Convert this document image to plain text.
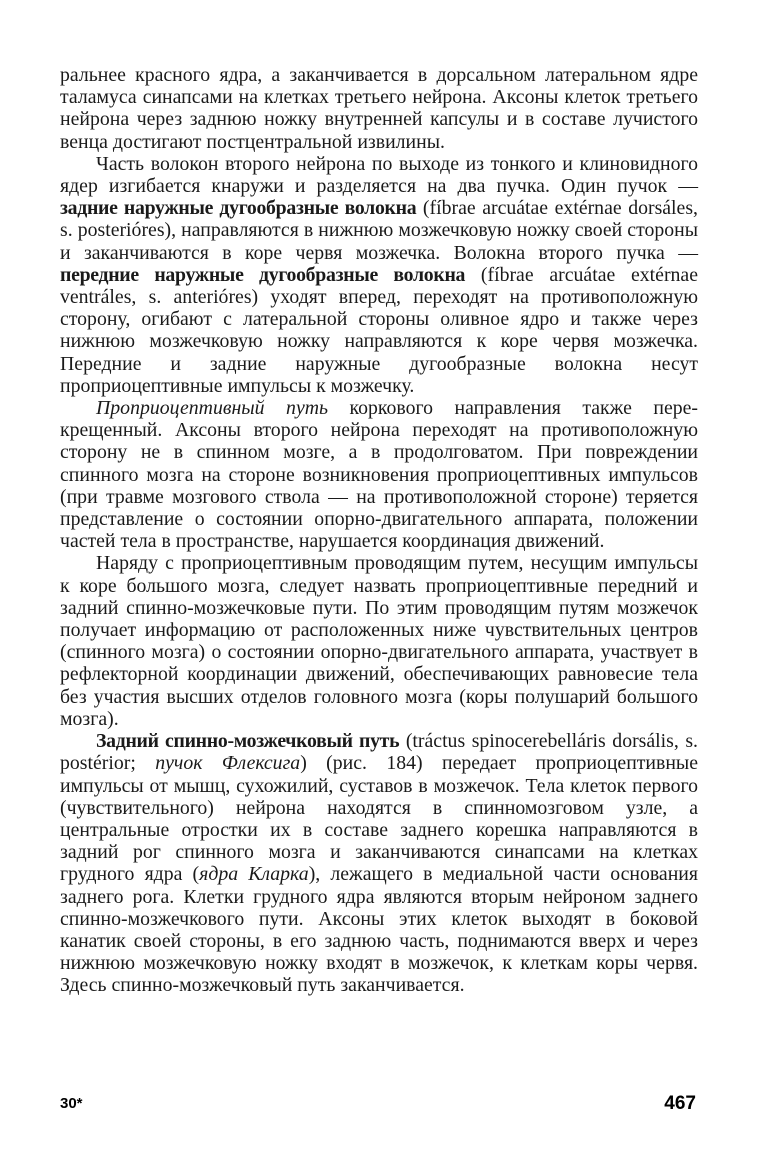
ральнее красного ядра, а заканчивается в дорсальном латеральном ядре таламуса синапсами на клетках третьего нейрона. Аксоны клеток третьего нейрона через заднюю ножку внутренней капсулы и в составе лучистого венца достигают постцентральной извилины.

Часть волокон второго нейрона по выходе из тонкого и клиновидного ядер изгибается кнаружи и разделяется на два пучка. Один пучок — задние наружные дугообразные волокна (fíbrae arcuátae extérnae dorsáles, s. posterióres), направляются в нижнюю мозжечковую ножку своей стороны и заканчиваются в коре червя мозжечка. Волокна второго пучка — передние наружные дугообразные волокна (fíbrae arcuátae extérnae ventráles, s. anterióres) уходят вперед, переходят на противоположную сторону, огибают с латеральной стороны оливное ядро и также через нижнюю мозжечковую ножку направляются к коре червя мозжечка. Передние и задние наружные дугообразные волокна несут проприоцептивные импульсы к мозжечку.

Проприоцептивный путь коркового направления также перекрещенный. Аксоны второго нейрона переходят на противоположную сторону не в спинном мозге, а в продолговатом. При повреждении спинного мозга на стороне возникновения проприоцептивных импульсов (при травме мозгового ствола — на противоположной стороне) теряется представление о состоянии опорно-двигательного аппарата, положении частей тела в пространстве, нарушается координация движений.

Наряду с проприоцептивным проводящим путем, несущим импульсы к коре большого мозга, следует назвать проприоцептивные передний и задний спинно-мозжечковые пути. По этим проводящим путям мозжечок получает информацию от расположенных ниже чувствительных центров (спинного мозга) о состоянии опорно-двигательного аппарата, участвует в рефлекторной координации движений, обеспечивающих равновесие тела без участия высших отделов головного мозга (коры полушарий большого мозга).

Задний спинно-мозжечковый путь (tráctus spinocerebelláris dorsális, s. postérior; пучок Флексига) (рис. 184) передает проприоцептивные импульсы от мышц, сухожилий, суставов в мозжечок. Тела клеток первого (чувствительного) нейрона находятся в спинномозговом узле, а центральные отростки их в составе заднего корешка направляются в задний рог спинного мозга и заканчиваются синапсами на клетках грудного ядра (ядра Кларка), лежащего в медиальной части основания заднего рога. Клетки грудного ядра являются вторым нейроном заднего спинно-мозжечкового пути. Аксоны этих клеток выходят в боковой канатик своей стороны, в его заднюю часть, поднимаются вверх и через нижнюю мозжечковую ножку входят в мозжечок, к клеткам коры червя. Здесь спинно-мозжечковый путь заканчивается.

30*	467
